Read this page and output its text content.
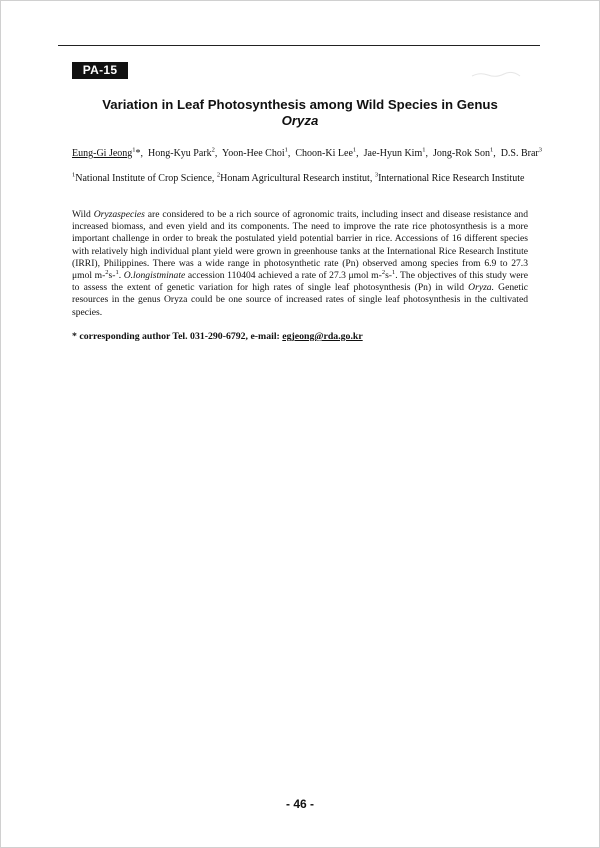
PA-15
Variation in Leaf Photosynthesis among Wild Species in Genus
Oryza
Eung-Gi Jeong$^1$*,  Hong-Kyu Park$^2$,  Yoon-Hee Choi$^1$,  Choon-Ki Lee$^1$,  Jae-Hyun Kim$^1$,  Jong-Rok Son$^1$,  D.S. Brar$^3$
$^1$National Institute of Crop Science, $^2$Honam Agricultural Research institut, $^3$International Rice Research Institute

Wild Oryzaspecies are considered to be a rich source of agronomic traits, including insect and disease resistance and increased biomass, and even yield and its components. The need to improve the rate rice photosynthesis is a more important challenge in order to break the postulated yield potential barrier in rice. Accessions of 16 different species with relatively high individual plant yield were grown in greenhouse tanks at the International Rice Research Institute (IRRI), Philippines. There was a wide range in photosynthetic rate (Pn) observed among species from 6.9 to 27.3 μmol m-$^2$s-$^1$. O.longistminate accession 110404 achieved a rate of 27.3 μmol m-$^2$s-$^1$. The objectives of this study were to assess the extent of genetic variation for high rates of single leaf photosynthesis (Pn) in wild Oryza. Genetic resources in the genus Oryza could be one source of increased rates of single leaf photosynthesis in the cultivated species.

* corresponding author Tel. 031-290-6792, e-mail: egjeong@rda.go.kr
- 46 -
